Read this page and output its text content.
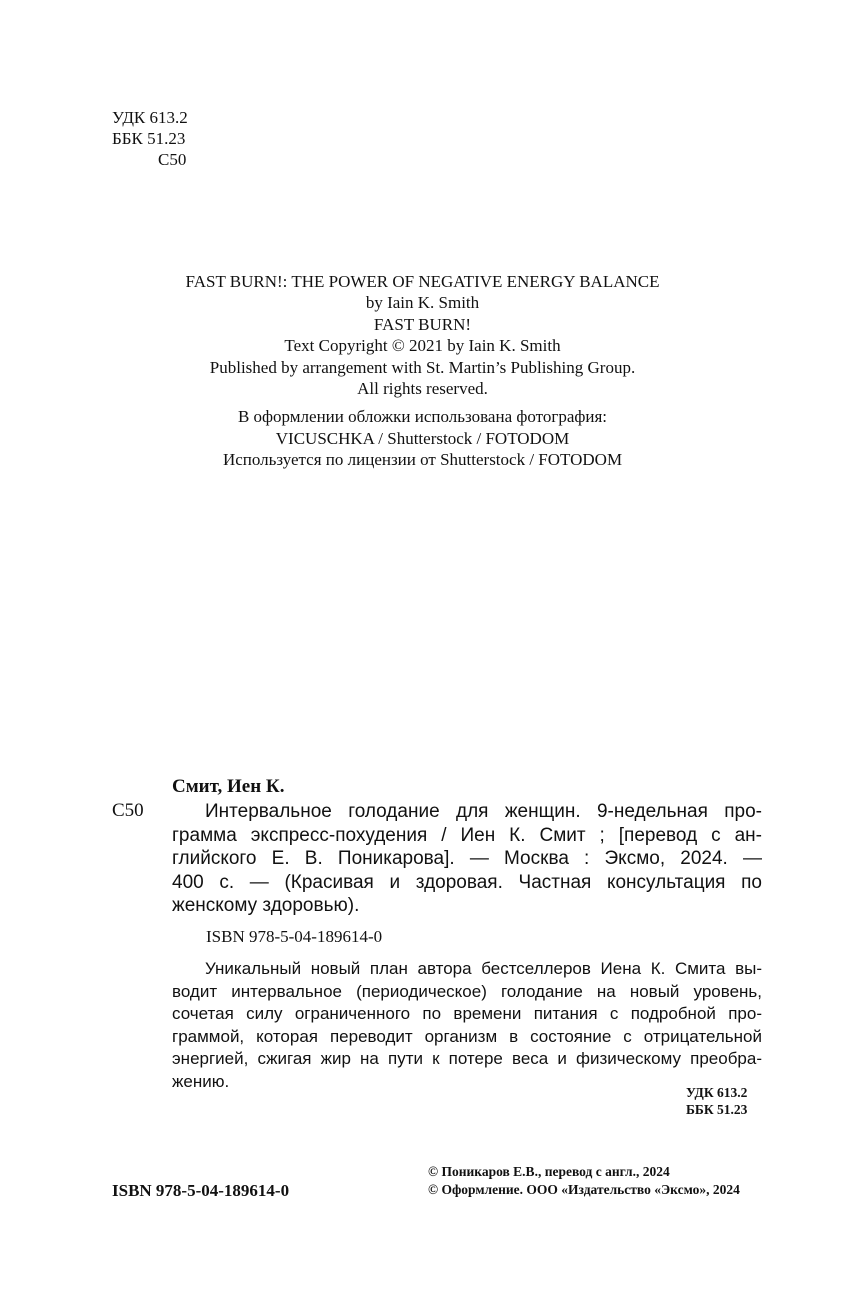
УДК 613.2
ББК 51.23
С50
FAST BURN!: THE POWER OF NEGATIVE ENERGY BALANCE
by Iain K. Smith
FAST BURN!
Text Copyright © 2021 by Iain K. Smith
Published by arrangement with St. Martin’s Publishing Group.
All rights reserved.
В оформлении обложки использована фотография:
VICUSCHKA / Shutterstock / FOTODOM
Используется по лицензии от Shutterstock / FOTODOM
Смит, Иен К.
С50	Интервальное голодание для женщин. 9-недельная про-
грамма экспресс-похудения / Иен К. Смит ; [перевод с ан-
глийского Е. В. Поникарова]. — Москва : Эксмо, 2024. —
400 с. — (Красивая и здоровая. Частная консультация по
женскому здоровью).
ISBN 978-5-04-189614-0
Уникальный новый план автора бестселлеров Иена К. Смита вы-
водит интервальное (периодическое) голодание на новый уровень,
сочетая силу ограниченного по времени питания с подробной про-
граммой, которая переводит организм в состояние с отрицательной
энергией, сжигая жир на пути к потере веса и физическому преобра-
жению.
УДК 613.2
ББК 51.23
© Поникаров Е.В., перевод с англ., 2024
© Оформление. ООО «Издательство «Эксмо», 2024
ISBN 978-5-04-189614-0
